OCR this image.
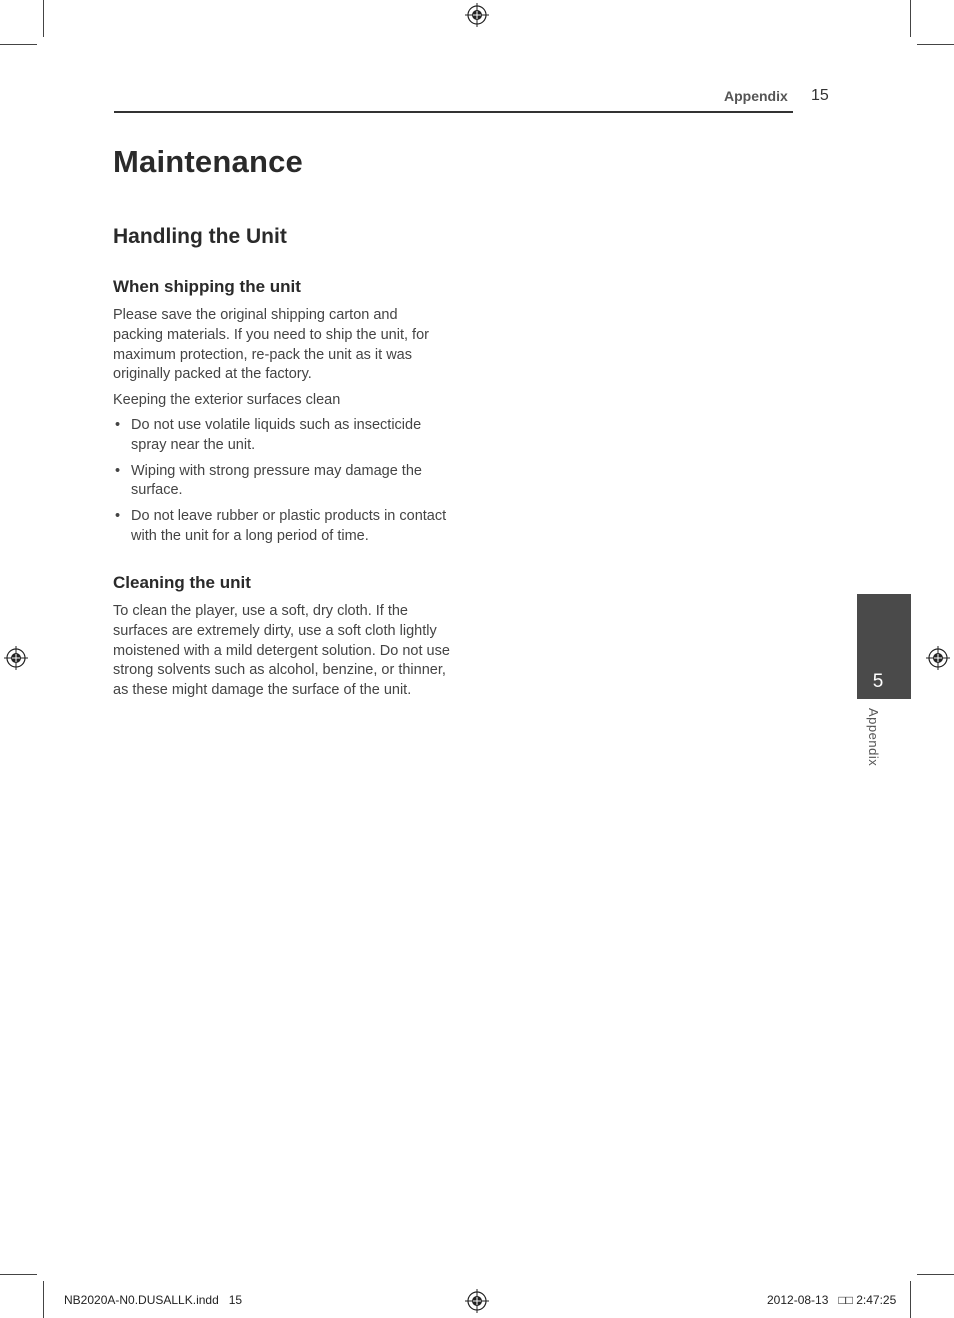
Appendix 15
Maintenance
Handling the Unit
When shipping the unit

Please save the original shipping carton and packing materials. If you need to ship the unit, for maximum protection, re-pack the unit as it was originally packed at the factory.

Keeping the exterior surfaces clean

• Do not use volatile liquids such as insecticide spray near the unit.
• Wiping with strong pressure may damage the surface.
• Do not leave rubber or plastic products in contact with the unit for a long period of time.
Cleaning the unit

To clean the player, use a soft, dry cloth. If the surfaces are extremely dirty, use a soft cloth lightly moistened with a mild detergent solution. Do not use strong solvents such as alcohol, benzine, or thinner, as these might damage the surface of the unit.	5
Appendix
NB2020A-N0.DUSALLK.indd   15	2012-08-13   □□ 2:47:25
